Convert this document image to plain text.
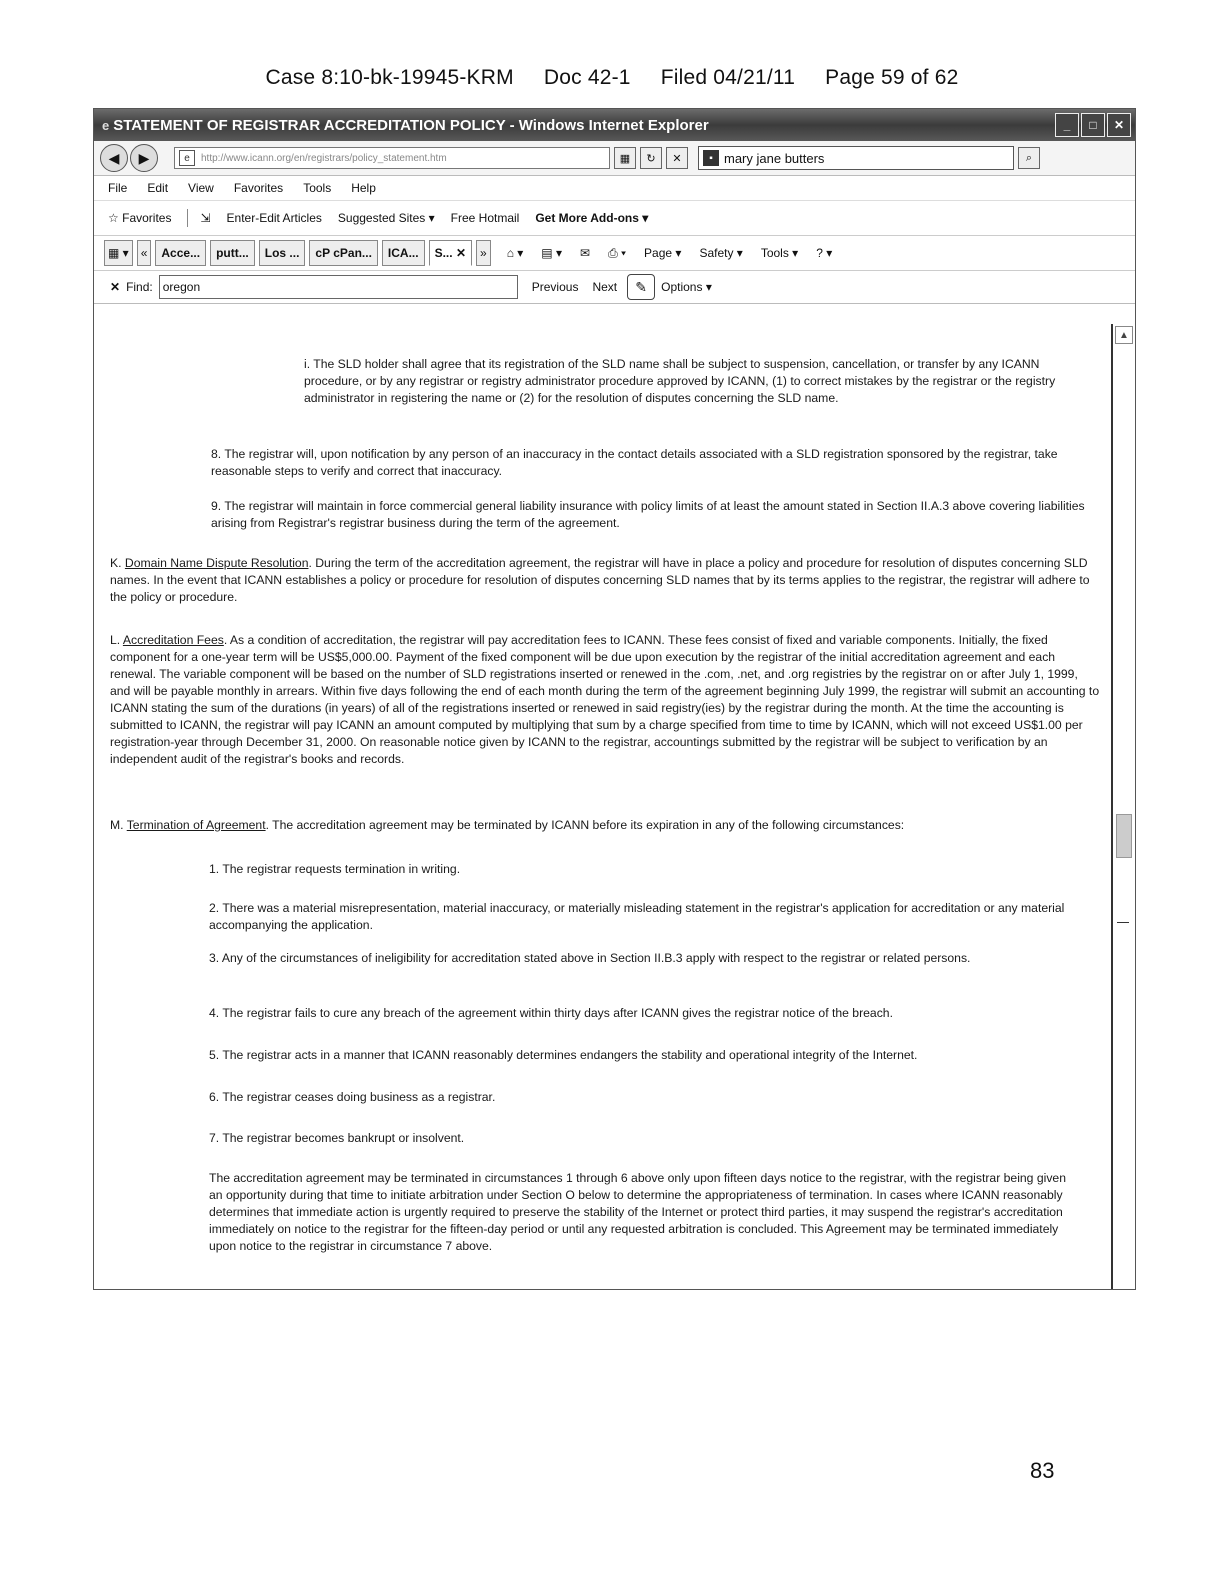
Case 8:10-bk-19945-KRM Doc 42-1 Filed 04/21/11 Page 59 of 62
e STATEMENT OF REGISTRAR ACCREDITATION POLICY - Windows Internet Explorer	_	□	✕
◀	▶	e	http://www.icann.org/en/registrars/policy_statement.htm	▦	↻	✕	▪ mary jane butters	⌕
File Edit View Favorites Tools Help
☆
Favorites ⇲ Enter-Edit Articles Suggested Sites ▾ Free Hotmail Get More Add-ons ▾
▦ ▾	«	Acce...	putt...	Los ...	cP cPan...	ICA...	S...
✕	»	⌂ ▾ ▤ ▾ ✉ ⎙ ▾ Page ▾ Safety ▾ Tools ▾ ? ▾
✕ Find: oregon	Previous Next	✎	Options ▾

i. The SLD holder shall agree that its registration of the SLD name shall be subject to suspension, cancellation, or transfer by any ICANN procedure, or by any registrar or registry administrator procedure approved by ICANN, (1) to correct mistakes by the registrar or the registry administrator in registering the name or (2) for the resolution of disputes concerning the SLD name.

8. The registrar will, upon notification by any person of an inaccuracy in the contact details associated with a SLD registration sponsored by the registrar, take reasonable steps to verify and correct that inaccuracy.

9. The registrar will maintain in force commercial general liability insurance with policy limits of at least the amount stated in Section II.A.3 above covering liabilities arising from Registrar's registrar business during the term of the agreement.

K. Domain Name Dispute Resolution. During the term of the accreditation agreement, the registrar will have in place a policy and procedure for resolution of disputes concerning SLD names. In the event that ICANN establishes a policy or procedure for resolution of disputes concerning SLD names that by its terms applies to the registrar, the registrar will adhere to the policy or procedure.

L. Accreditation Fees. As a condition of accreditation, the registrar will pay accreditation fees to ICANN. These fees consist of fixed and variable components. Initially, the fixed component for a one-year term will be US$5,000.00. Payment of the fixed component will be due upon execution by the registrar of the initial accreditation agreement and each renewal. The variable component will be based on the number of SLD registrations inserted or renewed in the .com, .net, and .org registries by the registrar on or after July 1, 1999, and will be payable monthly in arrears. Within five days following the end of each month during the term of the agreement beginning July 1999, the registrar will submit an accounting to ICANN stating the sum of the durations (in years) of all of the registrations inserted or renewed in said registry(ies) by the registrar during the month. At the time the accounting is submitted to ICANN, the registrar will pay ICANN an amount computed by multiplying that sum by a charge specified from time to time by ICANN, which will not exceed US$1.00 per registration-year through December 31, 2000. On reasonable notice given by ICANN to the registrar, accountings submitted by the registrar will be subject to verification by an independent audit of the registrar's books and records.

M. Termination of Agreement. The accreditation agreement may be terminated by ICANN before its expiration in any of the following circumstances:

1. The registrar requests termination in writing.

2. There was a material misrepresentation, material inaccuracy, or materially misleading statement in the registrar's application for accreditation or any material accompanying the application.

3. Any of the circumstances of ineligibility for accreditation stated above in Section II.B.3 apply with respect to the registrar or related persons.

4. The registrar fails to cure any breach of the agreement within thirty days after ICANN gives the registrar notice of the breach.

5. The registrar acts in a manner that ICANN reasonably determines endangers the stability and operational integrity of the Internet.

6. The registrar ceases doing business as a registrar.

7. The registrar becomes bankrupt or insolvent.

The accreditation agreement may be terminated in circumstances 1 through 6 above only upon fifteen days notice to the registrar, with the registrar being given an opportunity during that time to initiate arbitration under Section O below to determine the appropriateness of termination. In cases where ICANN reasonably determines that immediate action is urgently required to preserve the stability of the Internet or protect third parties, it may suspend the registrar's accreditation immediately on notice to the registrar for the fifteen-day period or until any requested arbitration is concluded. This Agreement may be terminated immediately upon notice to the registrar in circumstance 7 above.

▲
83
